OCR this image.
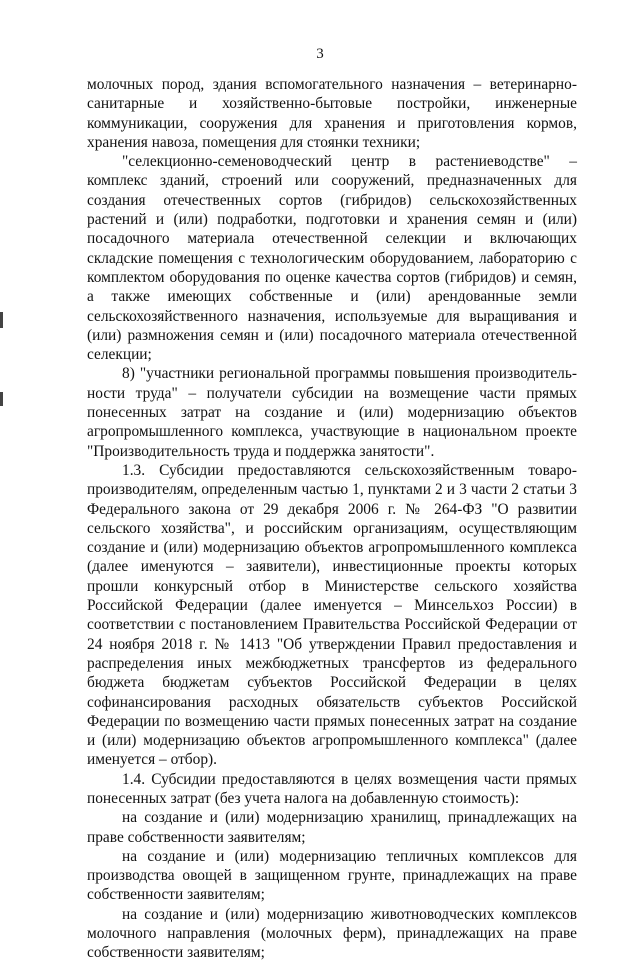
3

молочных пород, здания вспомогательного назначения – ветеринарно-санитарные и хозяйственно-бытовые постройки, инженерные коммуникации, сооружения для хранения и приготовления кормов, хранения навоза, помещения для стоянки техники;

"селекционно-семеноводческий центр в растениеводстве" – комплекс зданий, строений или сооружений, предназначенных для создания отечественных сортов (гибридов) сельскохозяйственных растений и (или) подработки, подготовки и хранения семян и (или) посадочного материала отечественной селекции и включающих складские помещения с технологическим оборудованием, лабораторию с комплектом оборудования по оценке качества сортов (гибридов) и семян, а также имеющих собственные и (или) арендованные земли сельскохозяйственного назначения, используемые для выращивания и (или) размножения семян и (или) посадочного материала отечественной селекции;

8) "участники региональной программы повышения производительности труда" – получатели субсидии на возмещение части прямых понесенных затрат на создание и (или) модернизацию объектов агропромышленного комплекса, участвующие в национальном проекте "Производительность труда и поддержка занятости".

1.3. Субсидии предоставляются сельскохозяйственным товаропроизводителям, определенным частью 1, пунктами 2 и 3 части 2 статьи 3 Федерального закона от 29 декабря 2006 г. № 264-ФЗ "О развитии сельского хозяйства", и российским организациям, осуществляющим создание и (или) модернизацию объектов агропромышленного комплекса (далее именуются – заявители), инвестиционные проекты которых прошли конкурсный отбор в Министерстве сельского хозяйства Российской Федерации (далее именуется – Минсельхоз России) в соответствии с постановлением Правительства Российской Федерации от 24 ноября 2018 г. № 1413 "Об утверждении Правил предоставления и распределения иных межбюджетных трансфертов из федерального бюджета бюджетам субъектов Российской Федерации в целях софинансирования расходных обязательств субъектов Российской Федерации по возмещению части прямых понесенных затрат на создание и (или) модернизацию объектов агропромышленного комплекса" (далее именуется – отбор).

1.4. Субсидии предоставляются в целях возмещения части прямых понесенных затрат (без учета налога на добавленную стоимость):

на создание и (или) модернизацию хранилищ, принадлежащих на праве собственности заявителям;

на создание и (или) модернизацию тепличных комплексов для производства овощей в защищенном грунте, принадлежащих на праве собственности заявителям;

на создание и (или) модернизацию животноводческих комплексов молочного направления (молочных ферм), принадлежащих на праве собственности заявителям;
